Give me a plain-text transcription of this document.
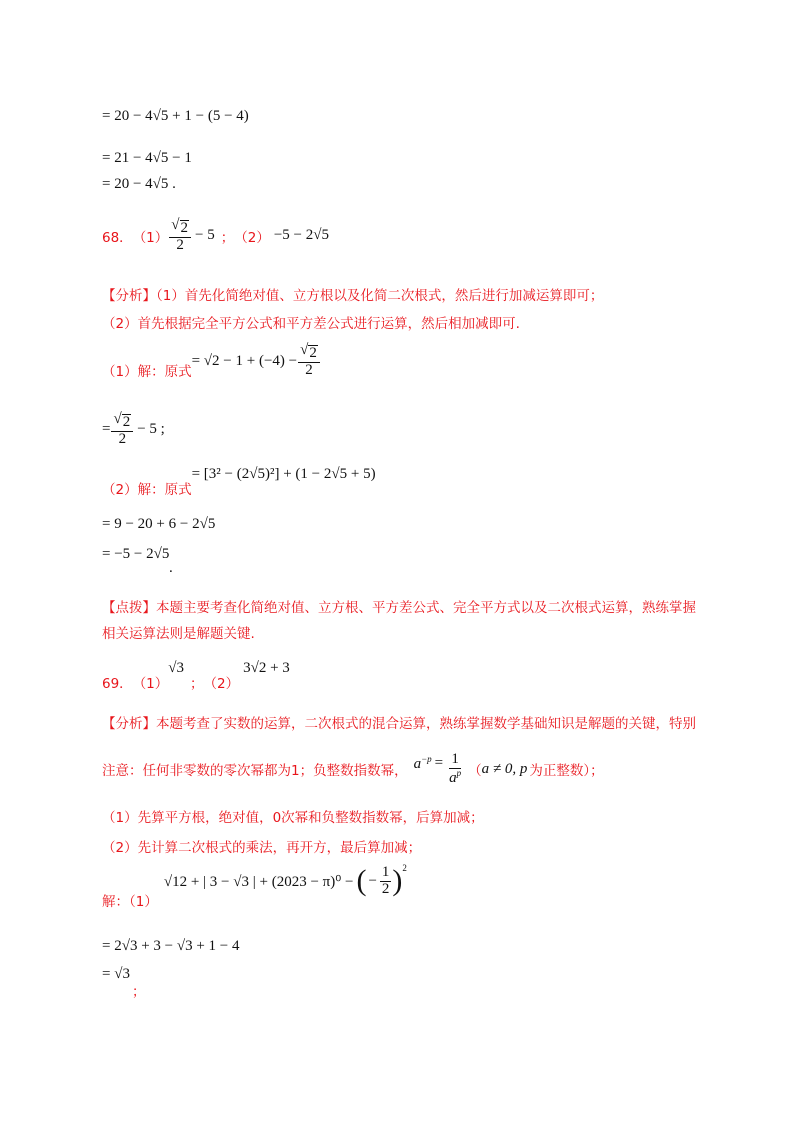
= 20 − 4√5 + 1 − (5 − 4)
= 21 − 4√5 − 1
= 20 − 4√5 .
68． $(1) \frac{√ 2}{2} - 5$ ； （2） −5 − 2√5
【分析】（1）首先化简绝对值、立方根以及化简二次根式，然后进行加减运算即可；
（2）首先根据完全平方公式和平方差公式进行运算，然后相加减即可.
（1）解：原式
= $√2 - 1 + (-4) - \frac{√ 2}{2}$
= $\frac{√ 2}{2} - 5$ ;
（2）解：原式
= [3² − (2√5)²] + (1 − 2√5 + 5)
= 9 − 20 + 6 − 2√5
= −5 − 2√5
.
【点拨】本题主要考查化简绝对值、立方根、平方差公式、完全平方式以及二次根式运算，熟练掌握
相关运算法则是解题关键.
69． （1）
√3
； （2）
3√2 + 3
【分析】本题考查了实数的运算，二次根式的混合运算，熟练掌握数学基础知识是解题的关键，特别
注意：任何非零数的零次幂都为1；负整数指数幂， $a^{-p} = \frac{1}{a^p}$ （ a ≠ 0, p 为正整数）；
（1）先算平方根，绝对值，0次幂和负整数指数幂，后算加减；
（2）先计算二次根式的乘法，再开方，最后算加减；
解：（1）
√12 + | 3 − √3 | + (2023 − π)⁰ − ( − $\frac{1}{2} )^2$
= 2√3 + 3 − √3 + 1 − 4
= √3
；
